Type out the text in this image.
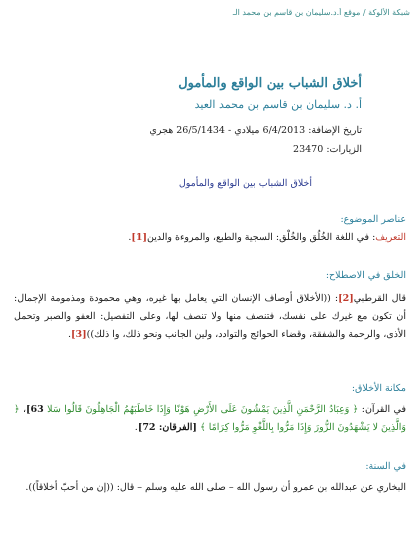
شبكة الألوكة / موقع أ.د.سليمان بن قاسم بن محمد الـ
أخلاق الشباب بين الواقع والمأمول
أ. د. سليمان بن قاسم بن محمد العيد
تاريخ الإضافة: 6/4/2013 ميلادي - 26/5/1434 هجري
الزيارات: 23470
أخلاق الشباب بين الواقع والمأمول
عناصر الموضوع:
التعريف: في اللغة الخُلُق والخُلْق: السجية والطبع، والمروءة والدين[1].
الخلق في الاصطلاح:
قال القرطبي[2]: ((الأخلاق أوصاف الإنسان التي يعامل بها غيره، وهي محمودة ومذمومة الإجمال: أن تكون مع غيرك على نفسك، فتنصف منها ولا تنصف لها، وعلى التفصيل: العفو والصبر وتحمل الأذى، والرحمة والشفقة، وقضاء الحوائج والتوادد، ولين الجانب ونحو ذلك، وا ذلك))[3].
مكانة الأخلاق:
في القرآن: ﴿ وَعِبَادُ الرَّحْمَنِ الَّذِينَ يَمْشُونَ عَلَى الأَرْضِ هَوْنًا وَإِذَا خَاطَبَهُمُ الْجَاهِلُونَ قَالُوا سَلا 63]، ﴿ وَالَّذِينَ لا يَشْهَدُونَ الزُّورَ وَإِذَا مَرُّوا بِاللَّغْوِ مَرُّوا كِرَامًا ﴾ [الفرقان: 72].
في السنة:
البخاري عن عبدالله بن عمرو أن رسول الله – صلى الله عليه وسلم – قال: ((إن من أحبّ أخلاقاً)).
